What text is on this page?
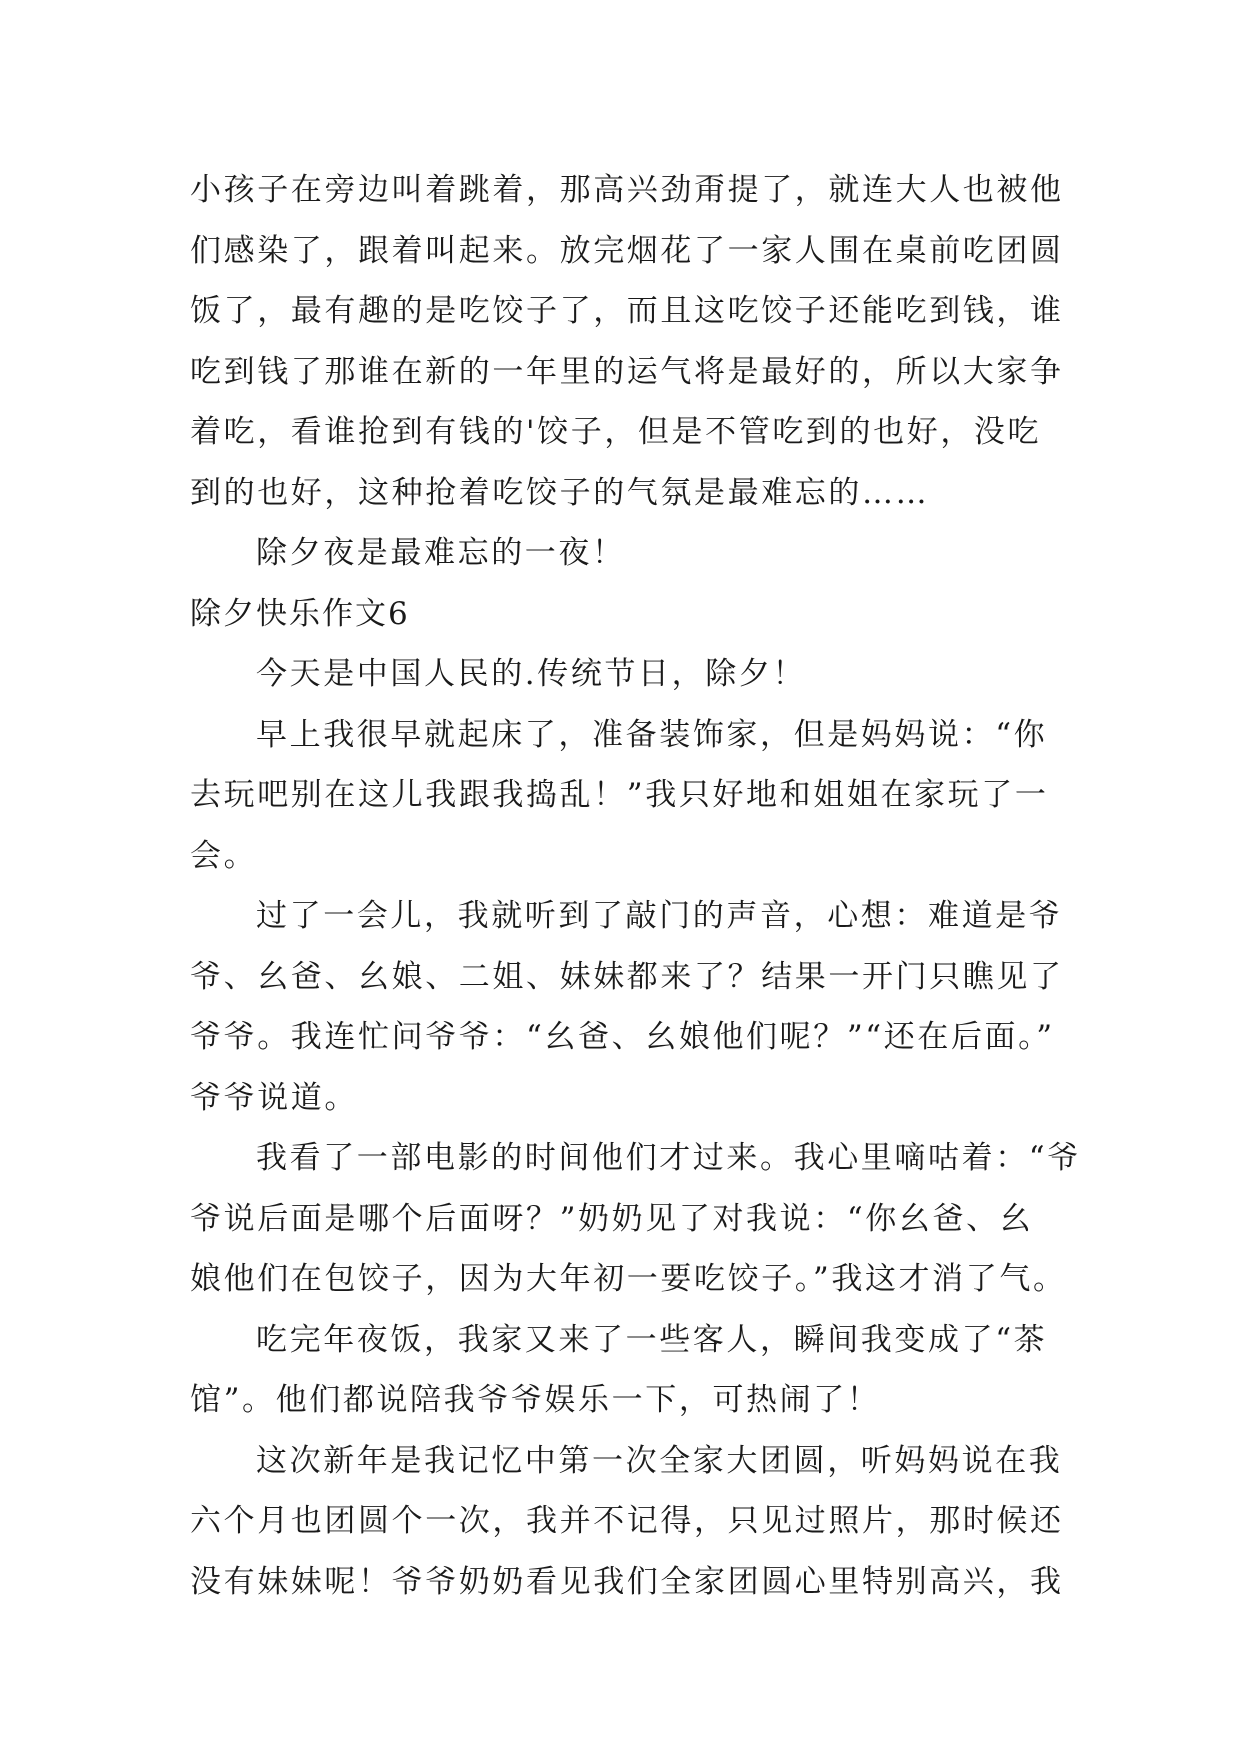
小孩子在旁边叫着跳着，那高兴劲甭提了，就连大人也被他
们感染了，跟着叫起来。放完烟花了一家人围在桌前吃团圆
饭了，最有趣的是吃饺子了，而且这吃饺子还能吃到钱，谁
吃到钱了那谁在新的一年里的运气将是最好的，所以大家争
着吃，看谁抢到有钱的'饺子，但是不管吃到的也好，没吃
到的也好，这种抢着吃饺子的气氛是最难忘的……
除夕夜是最难忘的一夜！
除夕快乐作文6
今天是中国人民的.传统节日，除夕！
早上我很早就起床了，准备装饰家，但是妈妈说：“你
去玩吧别在这儿我跟我捣乱！”我只好地和姐姐在家玩了一
会。
过了一会儿，我就听到了敲门的声音，心想：难道是爷
爷、幺爸、幺娘、二姐、妹妹都来了？结果一开门只瞧见了
爷爷。我连忙问爷爷：“幺爸、幺娘他们呢？”“还在后面。”
爷爷说道。
我看了一部电影的时间他们才过来。我心里嘀咕着：“爷
爷说后面是哪个后面呀？”奶奶见了对我说：“你幺爸、幺
娘他们在包饺子，因为大年初一要吃饺子。”我这才消了气。
吃完年夜饭，我家又来了一些客人，瞬间我变成了“茶
馆”。他们都说陪我爷爷娱乐一下，可热闹了！
这次新年是我记忆中第一次全家大团圆，听妈妈说在我
六个月也团圆个一次，我并不记得，只见过照片，那时候还
没有妹妹呢！爷爷奶奶看见我们全家团圆心里特别高兴，我
